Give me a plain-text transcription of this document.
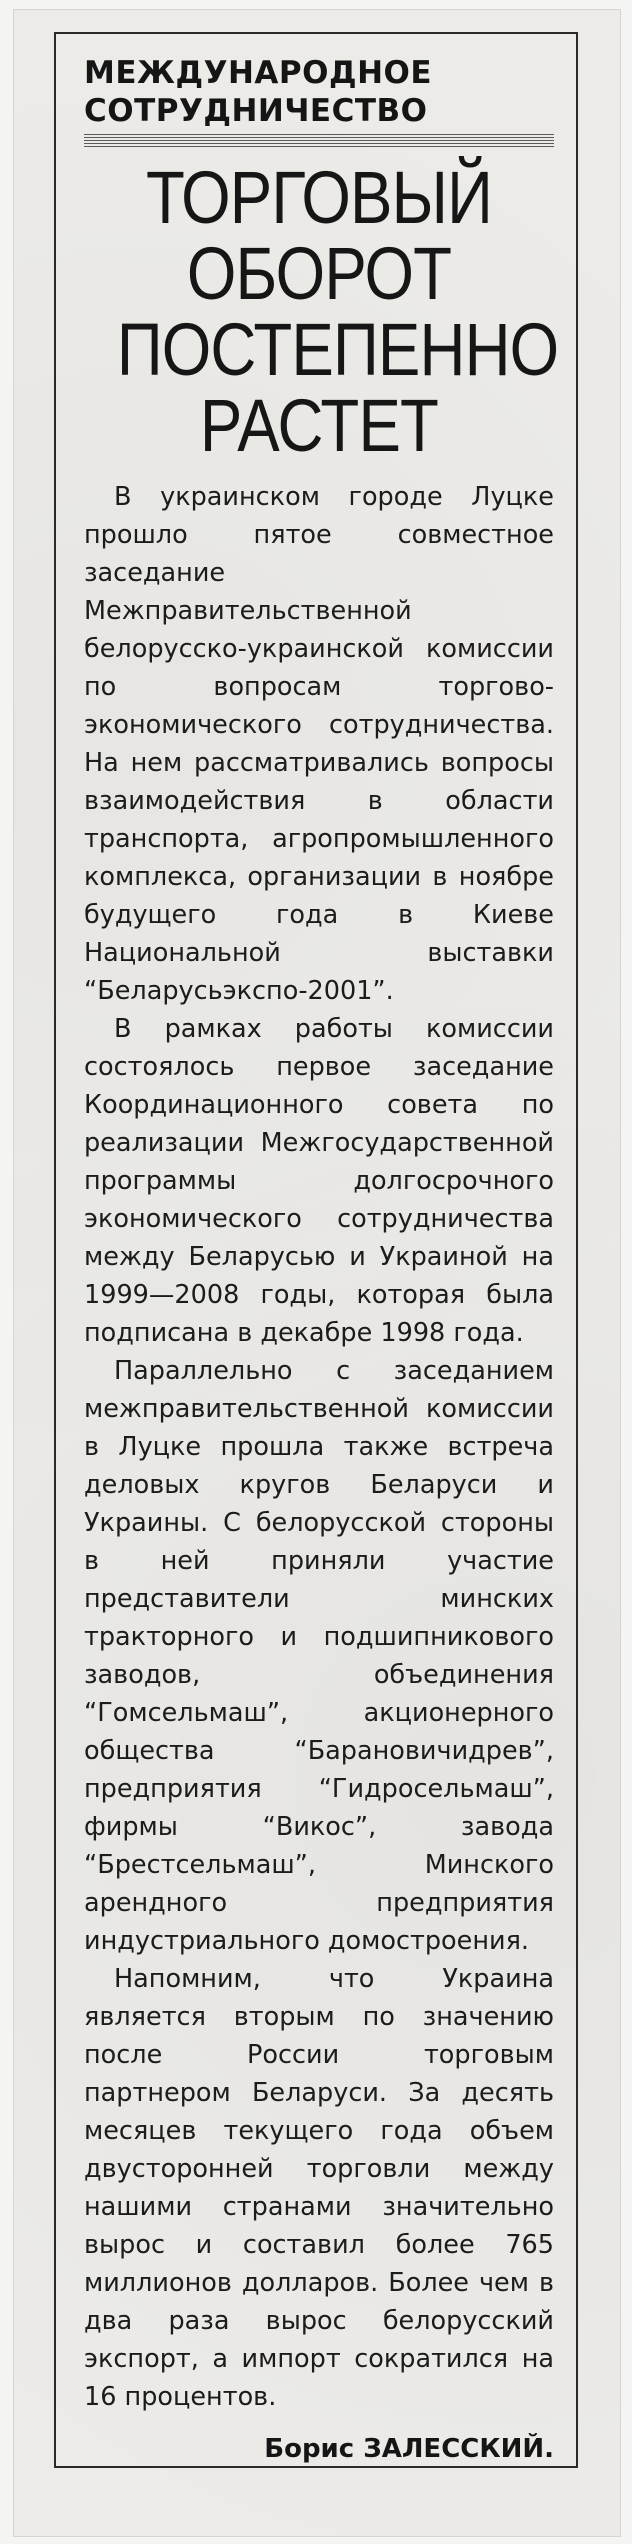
МЕЖДУНАРОДНОЕ
СОТРУДНИЧЕСТВО
ТОРГОВЫЙ
ОБОРОТ
ПОСТЕПЕННО
РАСТЕТ

В украинском городе Луцке прошло пятое совместное заседание Межправительственной белорусско-украинской комиссии по вопросам торгово-экономического сотрудничества. На нем рассматривались вопросы взаимодействия в области транспорта, агропромышленного комплекса, организации в ноябре будущего года в Киеве Национальной выставки “Беларусьэкспо-2001”.

В рамках работы комиссии состоялось первое заседание Координационного совета по реализации Межгосударственной программы долгосрочного экономического сотрудничества между Беларусью и Украиной на 1999—2008 годы, которая была подписана в декабре 1998 года.

Параллельно с заседанием межправительственной комиссии в Луцке прошла также встреча деловых кругов Беларуси и Украины. С белорусской стороны в ней приняли участие представители минских тракторного и подшипникового заводов, объединения “Гомсельмаш”, акционерного общества “Барановичидрев”, предприятия “Гидросельмаш”, фирмы “Викос”, завода “Брестсельмаш”, Минского арендного предприятия индустриального домостроения.

Напомним, что Украина является вторым по значению после России торговым партнером Беларуси. За десять месяцев текущего года объем двусторонней торговли между нашими странами значительно вырос и составил более 765 миллионов долларов. Более чем в два раза вырос белорусский экспорт, а импорт сократился на 16 процентов.

Борис ЗАЛЕССКИЙ.
